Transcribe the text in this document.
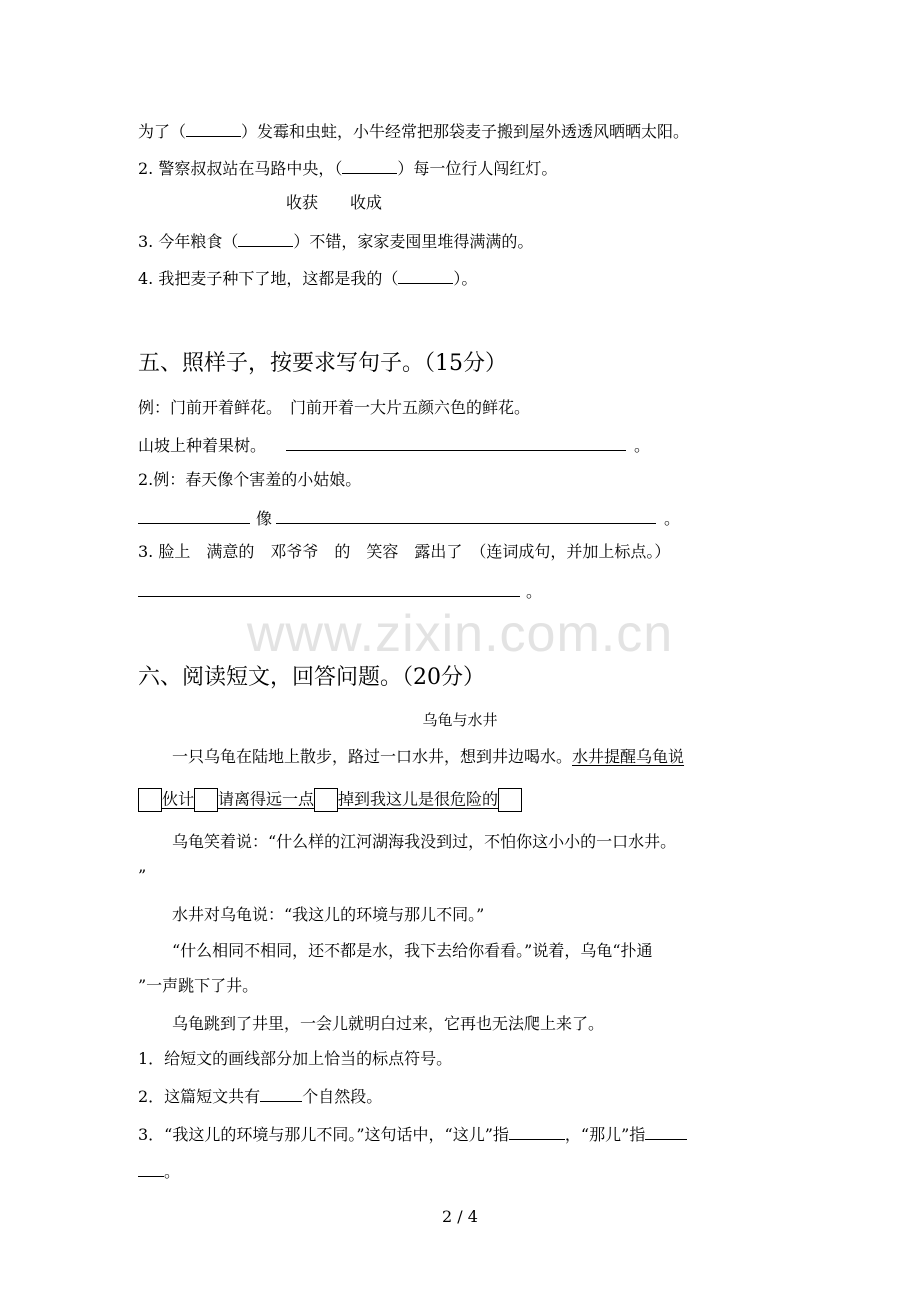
为了（	）发霉和虫蛀，小牛经常把那袋麦子搬到屋外透透风晒晒太阳。
2. 警察叔叔站在马路中央，（	）每一位行人闯红灯。
收获　　收成
3. 今年粮食（	）不错，家家麦囤里堆得满满的。
4. 我把麦子种下了地，这都是我的（	）。
五、照样子，按要求写句子。（15分）
例：门前开着鲜花。　门前开着一大片五颜六色的鲜花。
山坡上种着果树。	。
2.例：春天像个害羞的小姑娘。
像	。
3. 脸上　满意的　邓爷爷　的　笑容　露出了　（连词成句，并加上标点。）
。
www.zixin.com.cn
六、阅读短文，回答问题。（20分）
乌龟与水井
一只乌龟在陆地上散步，路过一口水井，想到井边喝水。水井提醒乌龟说
伙计 请离得远一点 掉到我这儿是很危险的
乌龟笑着说：“什么样的江河湖海我没到过，不怕你这小小的一口水井。
”
水井对乌龟说：“我这儿的环境与那儿不同。”
“什么相同不相同，还不都是水，我下去给你看看。”说着，乌龟“扑通
”一声跳下了井。
乌龟跳到了井里，一会儿就明白过来，它再也无法爬上来了。
1．给短文的画线部分加上恰当的标点符号。
2．这篇短文共有	个自然段。
3．“我这儿的环境与那儿不同。”这句话中，“这儿”指	，“那儿”指
。
2 / 4
